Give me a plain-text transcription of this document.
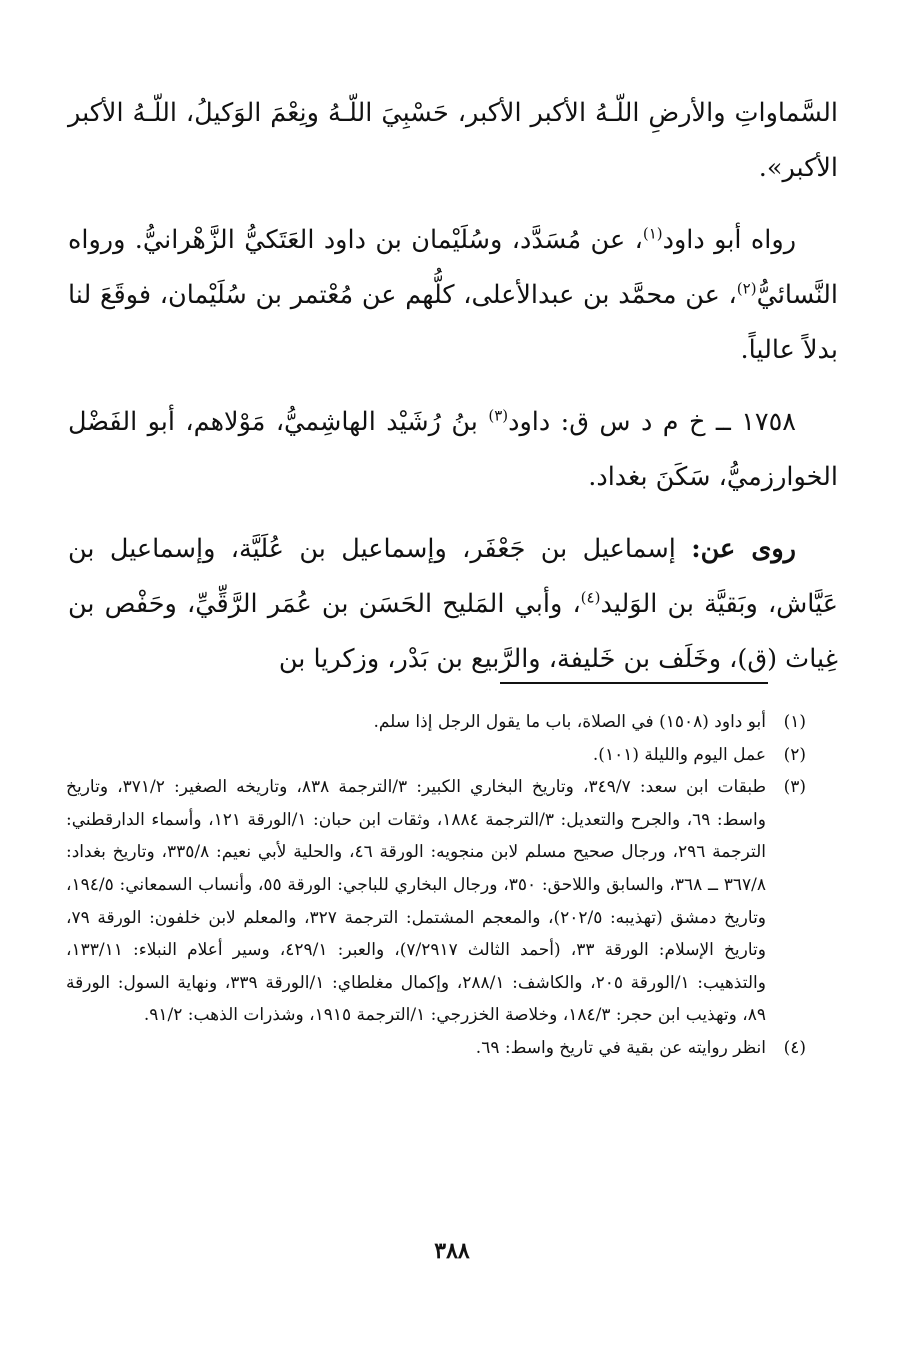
السَّماواتِ والأرضِ اللّـهُ الأكبر الأكبر، حَسْبِيَ اللّـهُ ونِعْمَ الوَكيلُ، اللّـهُ الأكبر الأكبر».

رواه أبو داود$^{(١)}$، عن مُسَدَّد، وسُلَيْمان بن داود العَتَكيُّ الزَّهْرانيُّ. ورواه النَّسائيُّ$^{(٢)}$، عن محمَّد بن عبدالأعلى، كلُّهم عن مُعْتمر بن سُلَيْمان، فوقَعَ لنا بدلاً عالياً.

١٧٥٨ ــ خ م د س ق: داود$^{(٣)}$ بنُ رُشَيْد الهاشِميُّ، مَوْلاهم، أبو الفَضْل الخوارزميُّ، سَكَنَ بغداد.

روى عن: إسماعيل بن جَعْفَر، وإسماعيل بن عُلَيَّة، وإسماعيل بن عَيَّاش، وبَقيَّة بن الوَليد$^{(٤)}$، وأبي المَليح الحَسَن بن عُمَر الرَّقِّيِّ، وحَفْص بن غِياث (ق)، وخَلَف بن خَليفة، والرَّبيع بن بَدْر، وزكريا بن

(١)
أبو داود (١٥٠٨) في الصلاة، باب ما يقول الرجل إذا سلم.

(٢)
عمل اليوم والليلة (١٠١).

(٣)
طبقات ابن سعد: ٣٤٩/٧، وتاريخ البخاري الكبير: ٣/الترجمة ٨٣٨، وتاريخه الصغير: ٣٧١/٢، وتاريخ واسط: ٦٩، والجرح والتعديل: ٣/الترجمة ١٨٨٤، وثقات ابن حبان: ١/الورقة ١٢١، وأسماء الدارقطني: الترجمة ٢٩٦، ورجال صحيح مسلم لابن منجويه: الورقة ٤٦، والحلية لأبي نعيم: ٣٣٥/٨، وتاريخ بغداد: ٣٦٧/٨ ــ ٣٦٨، والسابق واللاحق: ٣٥٠، ورجال البخاري للباجي: الورقة ٥٥، وأنساب السمعاني: ١٩٤/٥، وتاريخ دمشق (تهذيبه: ٢٠٢/٥)، والمعجم المشتمل: الترجمة ٣٢٧، والمعلم لابن خلفون: الورقة ٧٩، وتاريخ الإسلام: الورقة ٣٣، (أحمد الثالث ٧/٢٩١٧)، والعبر: ٤٢٩/١، وسير أعلام النبلاء: ١٣٣/١١، والتذهيب: ١/الورقة ٢٠٥، والكاشف: ٢٨٨/١، وإكمال مغلطاي: ١/الورقة ٣٣٩، ونهاية السول: الورقة ٨٩، وتهذيب ابن حجر: ١٨٤/٣، وخلاصة الخزرجي: ١/الترجمة ١٩١٥، وشذرات الذهب: ٩١/٢.

(٤)
انظر روايته عن بقية في تاريخ واسط: ٦٩.

٣٨٨
